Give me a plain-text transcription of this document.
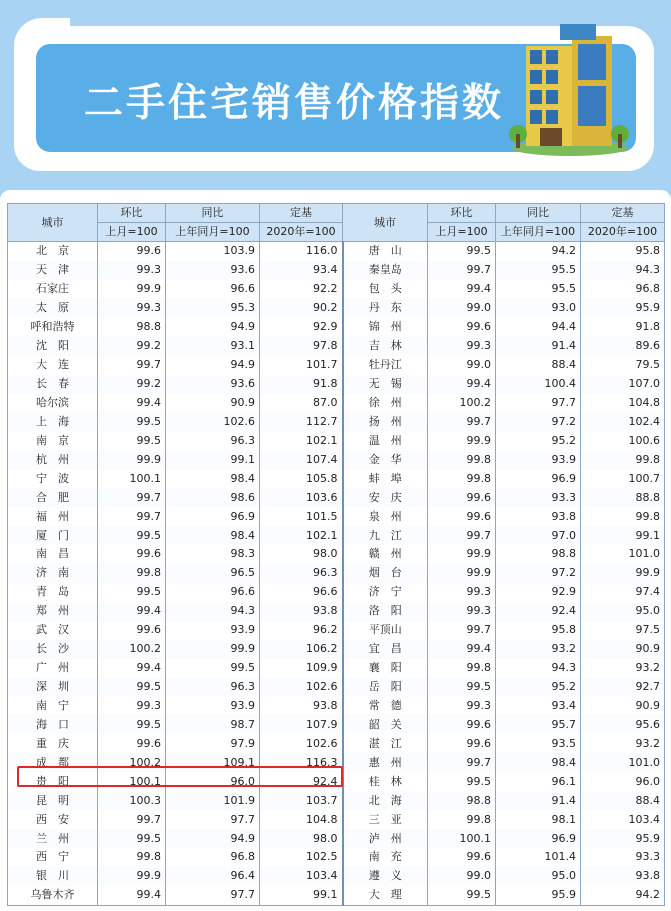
二手住宅销售价格指数
城市	环比	同比	定基	城市	环比	同比	定基
	上月=100	上年同月=100	2020年=100		上月=100	上年同月=100	2020年=100
北　京	99.6	103.9	116.0	唐　山	99.5	94.2	95.8
天　津	99.3	93.6	93.4	秦皇岛	99.7	95.5	94.3
石家庄	99.9	96.6	92.2	包　头	99.4	95.5	96.8
太　原	99.3	95.3	90.2	丹　东	99.0	93.0	95.9
呼和浩特	98.8	94.9	92.9	锦　州	99.6	94.4	91.8
沈　阳	99.2	93.1	97.8	吉　林	99.3	91.4	89.6
大　连	99.7	94.9	101.7	牡丹江	99.0	88.4	79.5
长　春	99.2	93.6	91.8	无　锡	99.4	100.4	107.0
哈尔滨	99.4	90.9	87.0	徐　州	100.2	97.7	104.8
上　海	99.5	102.6	112.7	扬　州	99.7	97.2	102.4
南　京	99.5	96.3	102.1	温　州	99.9	95.2	100.6
杭　州	99.9	99.1	107.4	金　华	99.8	93.9	99.8
宁　波	100.1	98.4	105.8	蚌　埠	99.8	96.9	100.7
合　肥	99.7	98.6	103.6	安　庆	99.6	93.3	88.8
福　州	99.7	96.9	101.5	泉　州	99.6	93.8	99.8
厦　门	99.5	98.4	102.1	九　江	99.7	97.0	99.1
南　昌	99.6	98.3	98.0	赣　州	99.9	98.8	101.0
济　南	99.8	96.5	96.3	烟　台	99.9	97.2	99.9
青　岛	99.5	96.6	96.6	济　宁	99.3	92.9	97.4
郑　州	99.4	94.3	93.8	洛　阳	99.3	92.4	95.0
武　汉	99.6	93.9	96.2	平顶山	99.7	95.8	97.5
长　沙	100.2	99.9	106.2	宜　昌	99.4	93.2	90.9
广　州	99.4	99.5	109.9	襄　阳	99.8	94.3	93.2
深　圳	99.5	96.3	102.6	岳　阳	99.5	95.2	92.7
南　宁	99.3	93.9	93.8	常　德	99.3	93.4	90.9
海　口	99.5	98.7	107.9	韶　关	99.6	95.7	95.6
重　庆	99.6	97.9	102.6	湛　江	99.6	93.5	93.2
成　都	100.2	109.1	116.3	惠　州	99.7	98.4	101.0
贵　阳	100.1	96.0	92.4	桂　林	99.5	96.1	96.0
昆　明	100.3	101.9	103.7	北　海	98.8	91.4	88.4
西　安	99.7	97.7	104.8	三　亚	99.8	98.1	103.4
兰　州	99.5	94.9	98.0	泸　州	100.1	96.9	95.9
西　宁	99.8	96.8	102.5	南　充	99.6	101.4	93.3
银　川	99.9	96.4	103.4	遵　义	99.0	95.0	93.8
乌鲁木齐	99.4	97.7	99.1	大　理	99.5	95.9	94.2
